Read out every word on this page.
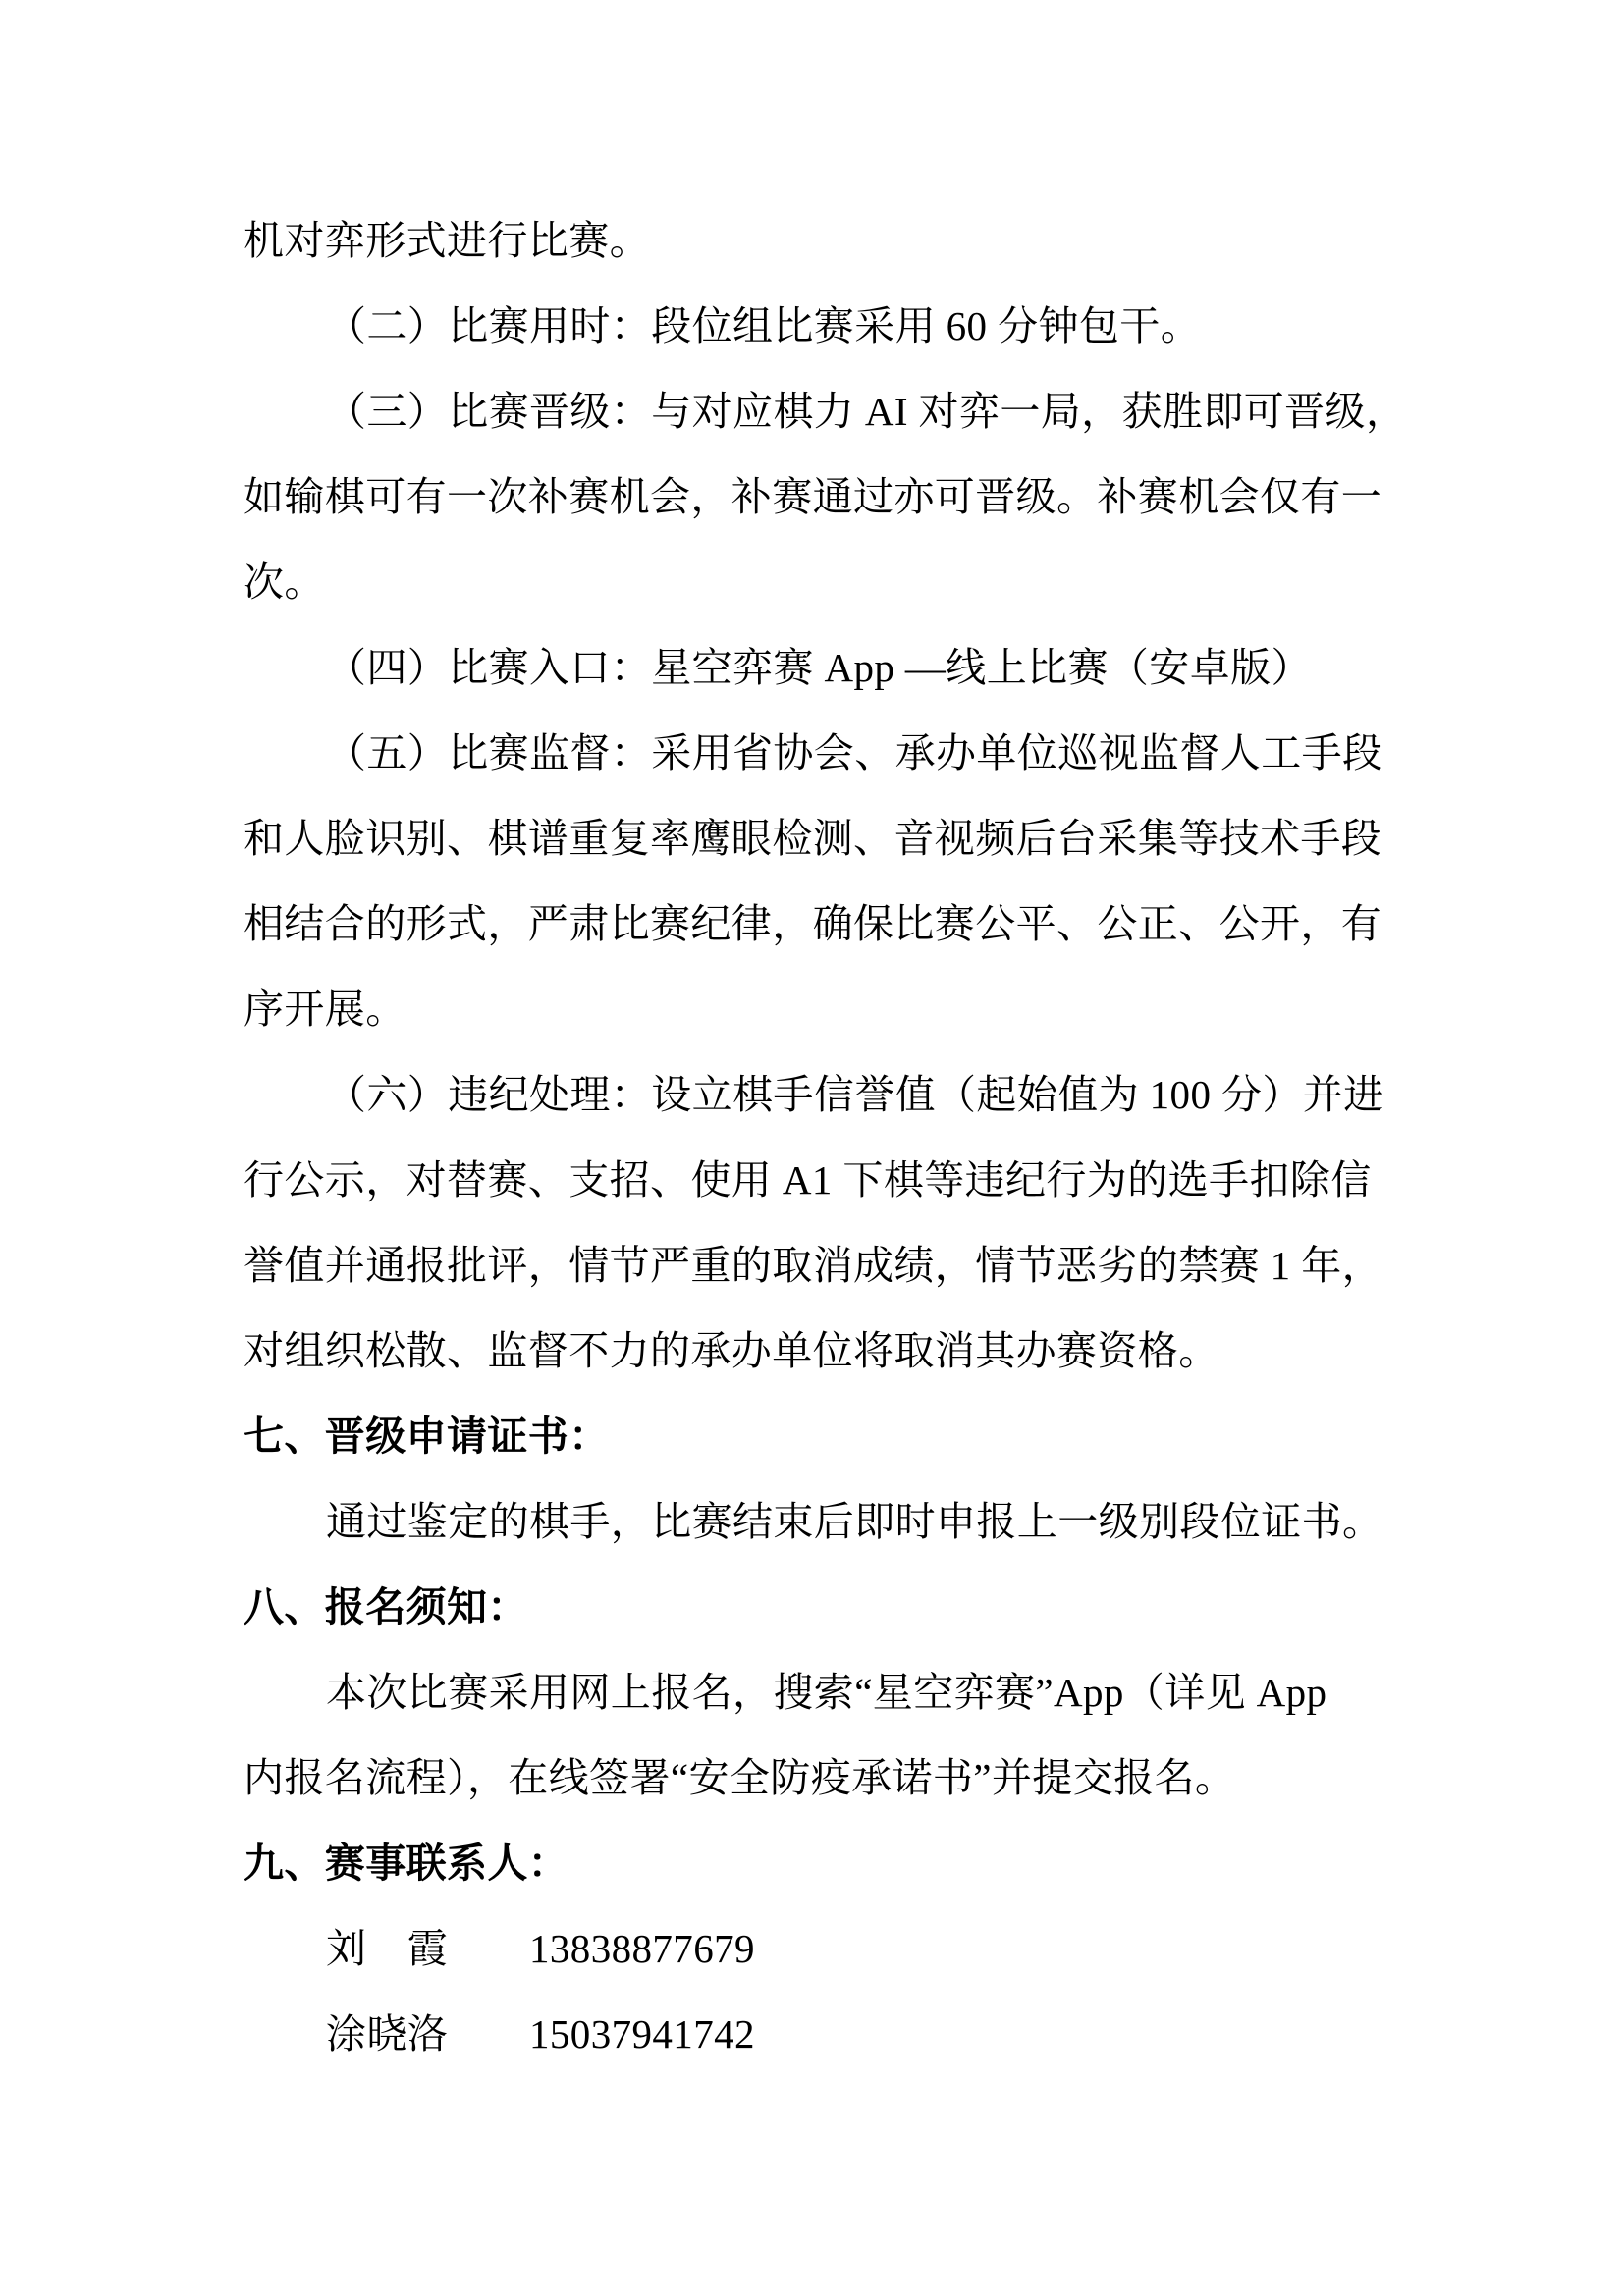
机对弈形式进行比赛。
（二）比赛用时：段位组比赛采用 60 分钟包干。
（三）比赛晋级：与对应棋力 AI 对弈一局，获胜即可晋级，
如输棋可有一次补赛机会，补赛通过亦可晋级。补赛机会仅有一
次。
（四）比赛入口：星空弈赛 App —线上比赛（安卓版）
（五）比赛监督：采用省协会、承办单位巡视监督人工手段
和人脸识别、棋谱重复率鹰眼检测、音视频后台采集等技术手段
相结合的形式，严肃比赛纪律，确保比赛公平、公正、公开，有
序开展。
（六）违纪处理：设立棋手信誉值（起始值为 100 分）并进
行公示，对替赛、支招、使用 A1 下棋等违纪行为的选手扣除信
誉值并通报批评，情节严重的取消成绩，情节恶劣的禁赛 1 年，
对组织松散、监督不力的承办单位将取消其办赛资格。
七、晋级申请证书：
通过鉴定的棋手，比赛结束后即时申报上一级别段位证书。
八、报名须知：
本次比赛采用网上报名，搜索“星空弈赛”App（详见 App
内报名流程），在线签署“安全防疫承诺书”并提交报名。
九、赛事联系人：
刘　霞　　13838877679
涂晓洛　　15037941742
